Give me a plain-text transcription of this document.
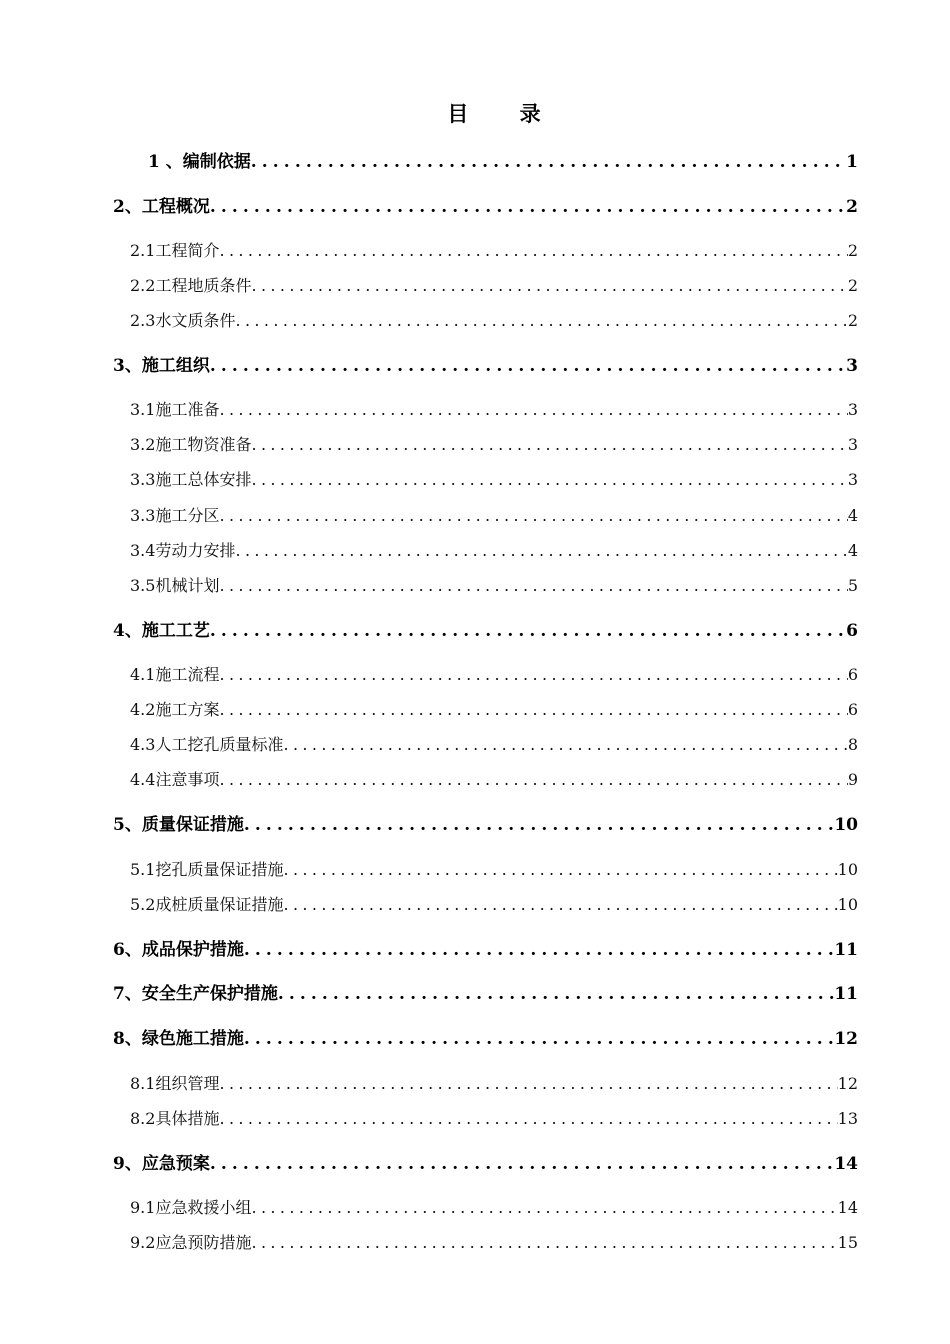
目 录
1 、编制依据 .....	1
2、工程概况 .....	2
2.1工程简介 .....	2
2.2工程地质条件 .....	2
2.3水文质条件 .....	2
3、施工组织 .....	3
3.1施工准备 .....	3
3.2施工物资准备 .....	3
3.3施工总体安排 .....	3
3.3施工分区 .....	4
3.4劳动力安排 .....	4
3.5机械计划 .....	5
4、施工工艺 .....	6
4.1施工流程 .....	6
4.2施工方案 .....	6
4.3人工挖孔质量标准 .....	8
4.4注意事项 .....	9
5、质量保证措施 .....	10
5.1挖孔质量保证措施 .....	10
5.2成桩质量保证措施 .....	10
6、成品保护措施 .....	11
7、安全生产保护措施 .....	11
8、绿色施工措施 .....	12
8.1组织管理 .....	12
8.2具体措施 .....	13
9、应急预案 .....	14
9.1应急救援小组 .....	14
9.2应急预防措施 .....	15
